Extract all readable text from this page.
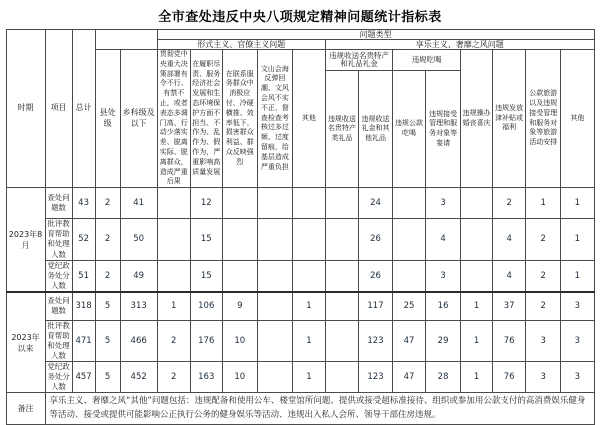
全市查处违反中央八项规定精神问题统计指标表
时期	项目	总计			问题类型												
					形式主义、官僚主义问题					享乐主义、奢靡之风问题							
			县处级	乡科级及以下	贯彻党中央重大决策部署有令不行、有禁不止，或者表态多调门高、行动少落实差、脱离实际、脱离群众，造成严重后果	在履职尽责、服务经济社会发展和生态环境保护方面不担当、不作为、乱作为、假作为，严重影响高质量发展	在联系服务群众中消极应付、冷硬横推、效率低下，损害群众利益、群众反映强烈	文山会海反弹回潮、文风会风不实不正、督查检查考核过多过频、过度留痕，给基层造成严重负担	其他	违规收送名贵特产和礼品礼金		违规吃喝		违规操办婚丧喜庆	违规发放津补贴或福利	公款旅游以及违规接受管理和服务对象等旅游活动安排	其他
										违规收送名贵特产类礼品	违规收送礼金和其他礼品	违规公款吃喝	违规接受管理和服务对象等宴请				
2023年8月	查处问题数	43	2	41		12					24		3		2	1	1
	批评教育帮助和处理人数	52	2	50		15					26		4		4	2	1
	党纪政务处分人数	51	2	49		15					26		3		4	2	1
2023年以来	查处问题数	318	5	313	1	106	9		1		117	25	16	1	37	2	3
	批评教育帮助和处理人数	471	5	466	2	176	10		1		123	47	29	1	76	3	3
	党纪政务处分人数	457	5	452	2	163	10		1		123	47	28	1	76	3	3
备注	享乐主义、奢靡之风“其他”问题包括：违规配备和使用公车、楼堂馆所问题、提供或接受超标准接待、组织或参加用公款支付的高消费娱乐健身等活动、接受或提供可能影响公正执行公务的健身娱乐等活动、违规出入私人会所、领导干部住房违规。																
